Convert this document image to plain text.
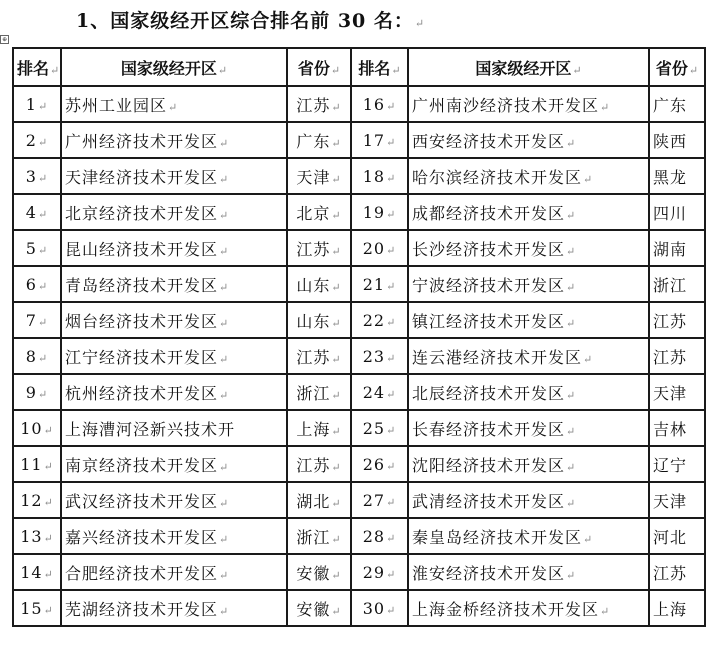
1、国家级经开区综合排名前 30 名：↵
⊕
排名↵	国家级经开区↵	省份↵	排名↵	国家级经开区↵	省份↵
1↵	苏州工业园区↵	江苏↵	16↵	广州南沙经济技术开发区↵	广东
2↵	广州经济技术开发区↵	广东↵	17↵	西安经济技术开发区↵	陕西
3↵	天津经济技术开发区↵	天津↵	18↵	哈尔滨经济技术开发区↵	黑龙
4↵	北京经济技术开发区↵	北京↵	19↵	成都经济技术开发区↵	四川
5↵	昆山经济技术开发区↵	江苏↵	20↵	长沙经济技术开发区↵	湖南
6↵	青岛经济技术开发区↵	山东↵	21↵	宁波经济技术开发区↵	浙江
7↵	烟台经济技术开发区↵	山东↵	22↵	镇江经济技术开发区↵	江苏
8↵	江宁经济技术开发区↵	江苏↵	23↵	连云港经济技术开发区↵	江苏
9↵	杭州经济技术开发区↵	浙江↵	24↵	北辰经济技术开发区↵	天津
10↵	上海漕河泾新兴技术开	上海↵	25↵	长春经济技术开发区↵	吉林
11↵	南京经济技术开发区↵	江苏↵	26↵	沈阳经济技术开发区↵	辽宁
12↵	武汉经济技术开发区↵	湖北↵	27↵	武清经济技术开发区↵	天津
13↵	嘉兴经济技术开发区↵	浙江↵	28↵	秦皇岛经济技术开发区↵	河北
14↵	合肥经济技术开发区↵	安徽↵	29↵	淮安经济技术开发区↵	江苏
15↵	芜湖经济技术开发区↵	安徽↵	30↵	上海金桥经济技术开发区↵	上海
